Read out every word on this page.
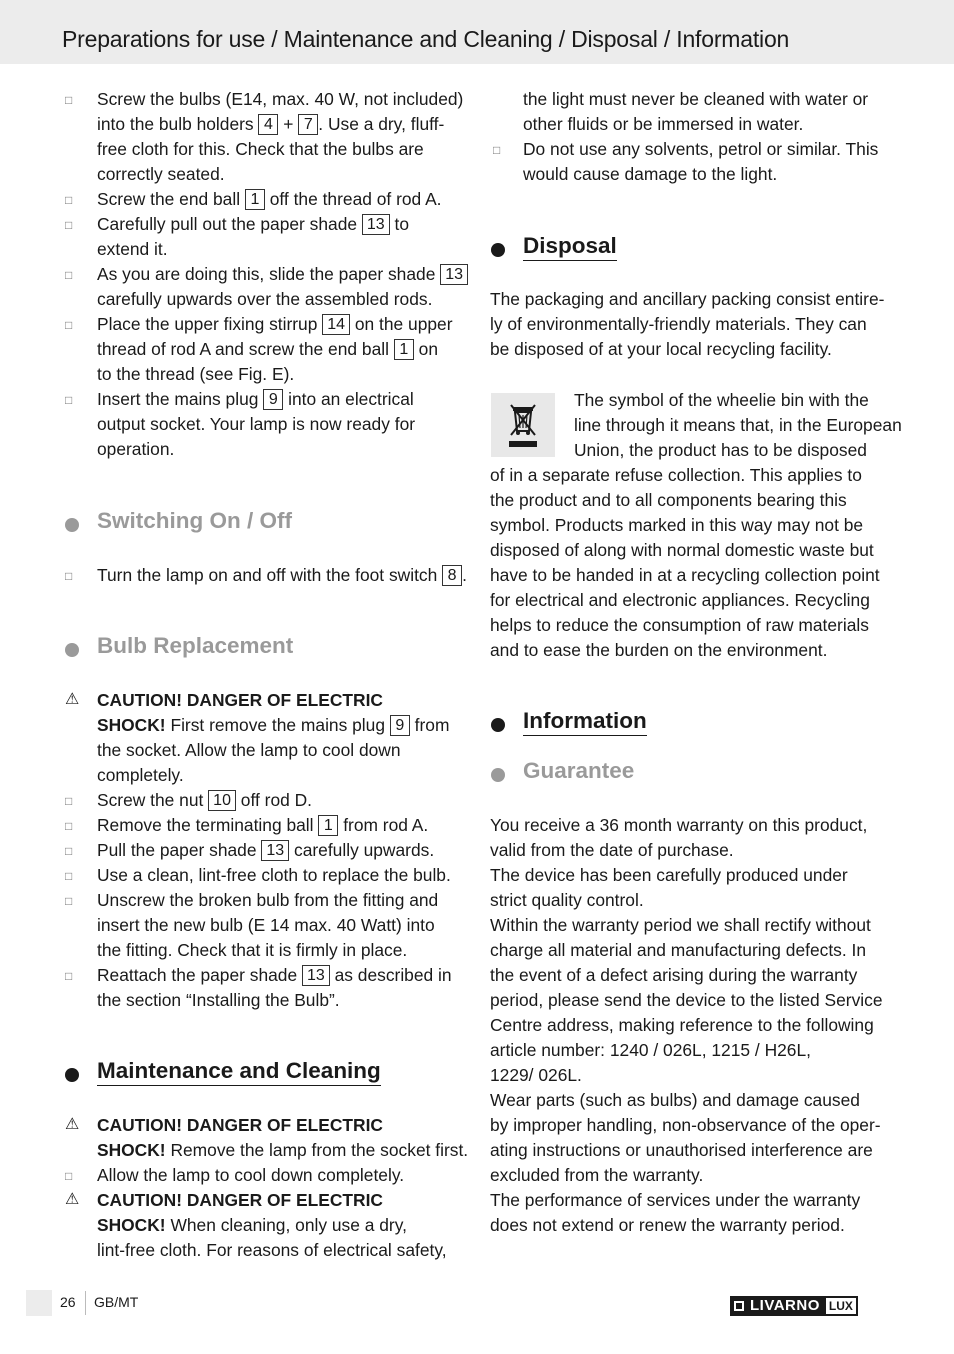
Preparations for use / Maintenance and Cleaning / Disposal / Information
□ Screw the bulbs (E14, max. 40 W, not included)
into the bulb holders 4 + 7 . Use a dry, fluff-
free cloth for this. Check that the bulbs are
correctly seated.
□ Screw the end ball 1 off the thread of rod A.
□ Carefully pull out the paper shade 13 to
extend it.
□ As you are doing this, slide the paper shade 13
carefully upwards over the assembled rods.
□ Place the upper fixing stirrup 14 on the upper
thread of rod A and screw the end ball 1 on
to the thread (see Fig. E).
□ Insert the mains plug 9 into an electrical
output socket. Your lamp is now ready for
operation.
Switching On / Off
□ Turn the lamp on and off with the foot switch 8 .
Bulb Replacement
⚠ CAUTION! DANGER OF ELECTRIC
SHOCK! First remove the mains plug 9 from
the socket. Allow the lamp to cool down
completely.
□ Screw the nut 10 off rod D.
□ Remove the terminating ball 1 from rod A.
□ Pull the paper shade 13 carefully upwards.
□ Use a clean, lint-free cloth to replace the bulb.
□ Unscrew the broken bulb from the fitting and
insert the new bulb (E 14 max. 40 Watt) into
the fitting. Check that it is firmly in place.
□ Reattach the paper shade 13 as described in
the section “Installing the Bulb”.
Maintenance and Cleaning
⚠ CAUTION! DANGER OF ELECTRIC
SHOCK! Remove the lamp from the socket first.
□ Allow the lamp to cool down completely.
⚠ CAUTION! DANGER OF ELECTRIC
SHOCK! When cleaning, only use a dry,
lint-free cloth. For reasons of electrical safety,
the light must never be cleaned with water or
other fluids or be immersed in water.
□ Do not use any solvents, petrol or similar. This
would cause damage to the light.
Disposal
The packaging and ancillary packing consist entire-
ly of environmentally-friendly materials. They can
be disposed of at your local recycling facility.
The symbol of the wheelie bin with the
line through it means that, in the European
Union, the product has to be disposed
of in a separate refuse collection. This applies to
the product and to all components bearing this
symbol. Products marked in this way may not be
disposed of along with normal domestic waste but
have to be handed in at a recycling collection point
for electrical and electronic appliances. Recycling
helps to reduce the consumption of raw materials
and to ease the burden on the environment.
Information
Guarantee
You receive a 36 month warranty on this product,
valid from the date of purchase.
The device has been carefully produced under
strict quality control.
Within the warranty period we shall rectify without
charge all material and manufacturing defects. In
the event of a defect arising during the warranty
period, please send the device to the listed Service
Centre address, making reference to the following
article number: 1240 / 026L, 1215 / H26L,
1229/ 026L.
Wear parts (such as bulbs) and damage caused
by improper handling, non-observance of the oper-
ating instructions or unauthorised interference are
excluded from the warranty.
The performance of services under the warranty
does not extend or renew the warranty period.
26 GB/MT	LIVARNO LUX
